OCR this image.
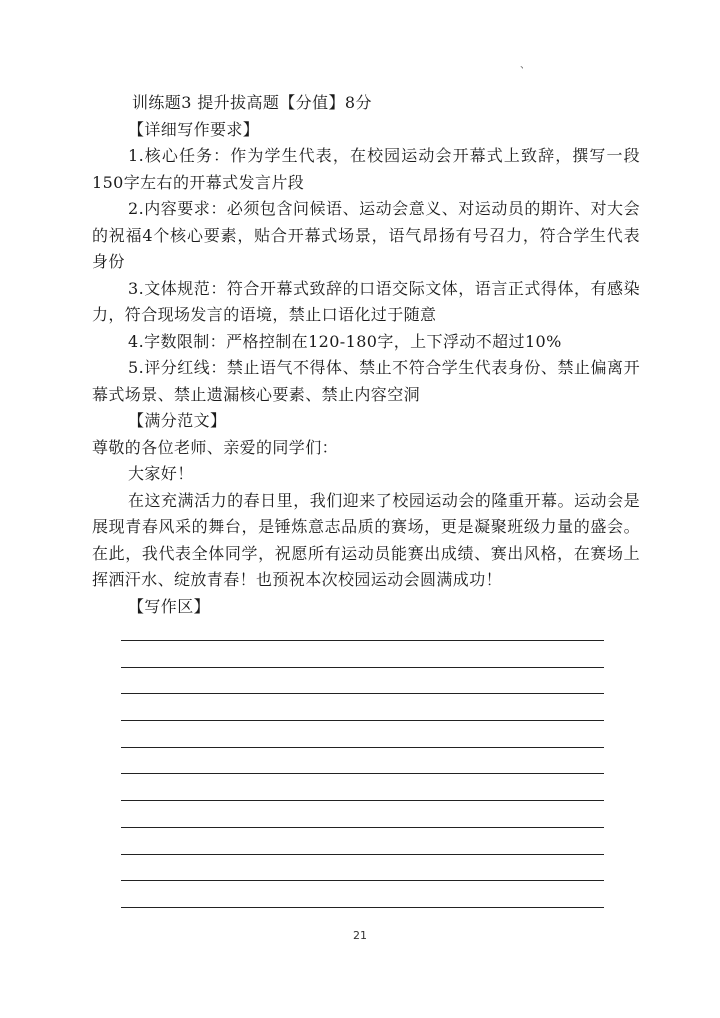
、

训练题3 提升拔高题【分值】8分

【详细写作要求】

1.核心任务：作为学生代表，在校园运动会开幕式上致辞，撰写一段150字左右的开幕式发言片段

2.内容要求：必须包含问候语、运动会意义、对运动员的期许、对大会的祝福4个核心要素，贴合开幕式场景，语气昂扬有号召力，符合学生代表身份

3.文体规范：符合开幕式致辞的口语交际文体，语言正式得体，有感染力，符合现场发言的语境，禁止口语化过于随意

4.字数限制：严格控制在120-180字，上下浮动不超过10%

5.评分红线：禁止语气不得体、禁止不符合学生代表身份、禁止偏离开幕式场景、禁止遗漏核心要素、禁止内容空洞

【满分范文】

尊敬的各位老师、亲爱的同学们：

大家好！

在这充满活力的春日里，我们迎来了校园运动会的隆重开幕。运动会是展现青春风采的舞台，是锤炼意志品质的赛场，更是凝聚班级力量的盛会。在此，我代表全体同学，祝愿所有运动员能赛出成绩、赛出风格，在赛场上挥洒汗水、绽放青春！也预祝本次校园运动会圆满成功！

【写作区】

21
